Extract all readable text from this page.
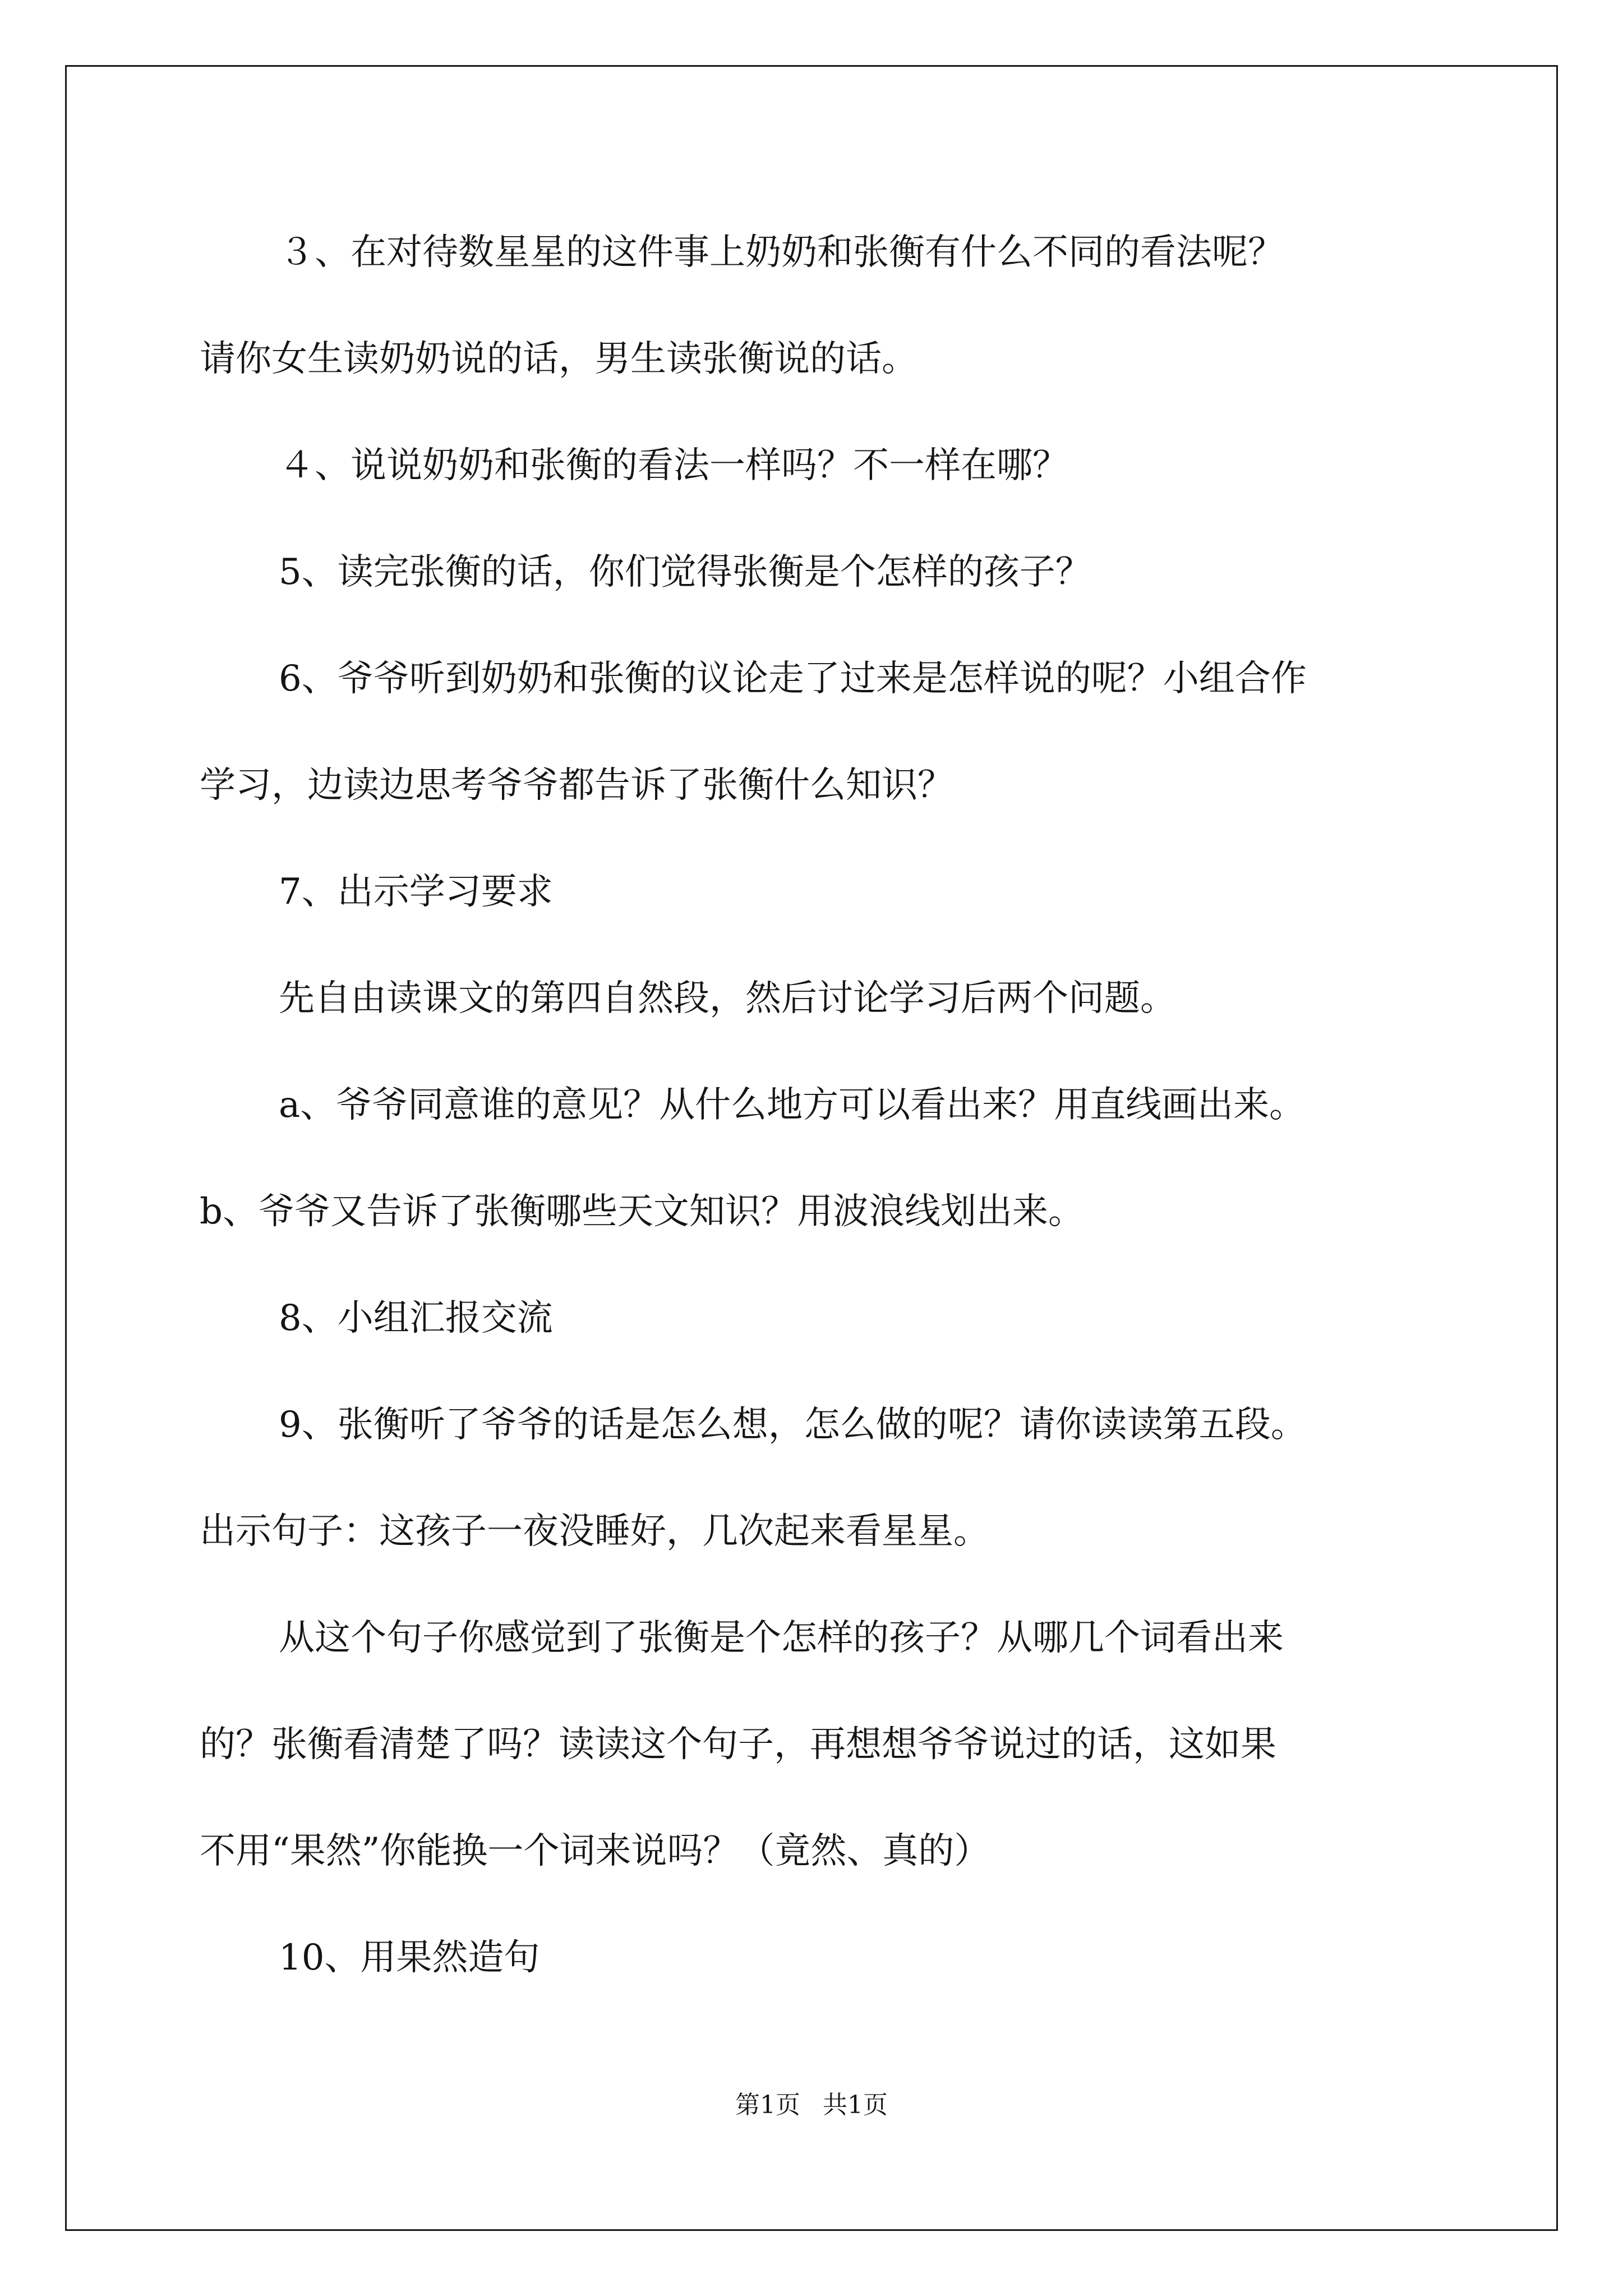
３、在对待数星星的这件事上奶奶和张衡有什么不同的看法呢？
请你女生读奶奶说的话，男生读张衡说的话。
４、说说奶奶和张衡的看法一样吗？不一样在哪？
5、读完张衡的话，你们觉得张衡是个怎样的孩子？
6、爷爷听到奶奶和张衡的议论走了过来是怎样说的呢？小组合作
学习，边读边思考爷爷都告诉了张衡什么知识？
7、出示学习要求
先自由读课文的第四自然段，然后讨论学习后两个问题。
a、爷爷同意谁的意见？从什么地方可以看出来？用直线画出来。
b、爷爷又告诉了张衡哪些天文知识？用波浪线划出来。
8、小组汇报交流
9、张衡听了爷爷的话是怎么想，怎么做的呢？请你读读第五段。
出示句子：这孩子一夜没睡好，几次起来看星星。
从这个句子你感觉到了张衡是个怎样的孩子？从哪几个词看出来
的？张衡看清楚了吗？读读这个句子，再想想爷爷说过的话，这如果
不用“果然”你能换一个词来说吗？（竟然、真的）
10、用果然造句
第1页 共1页
